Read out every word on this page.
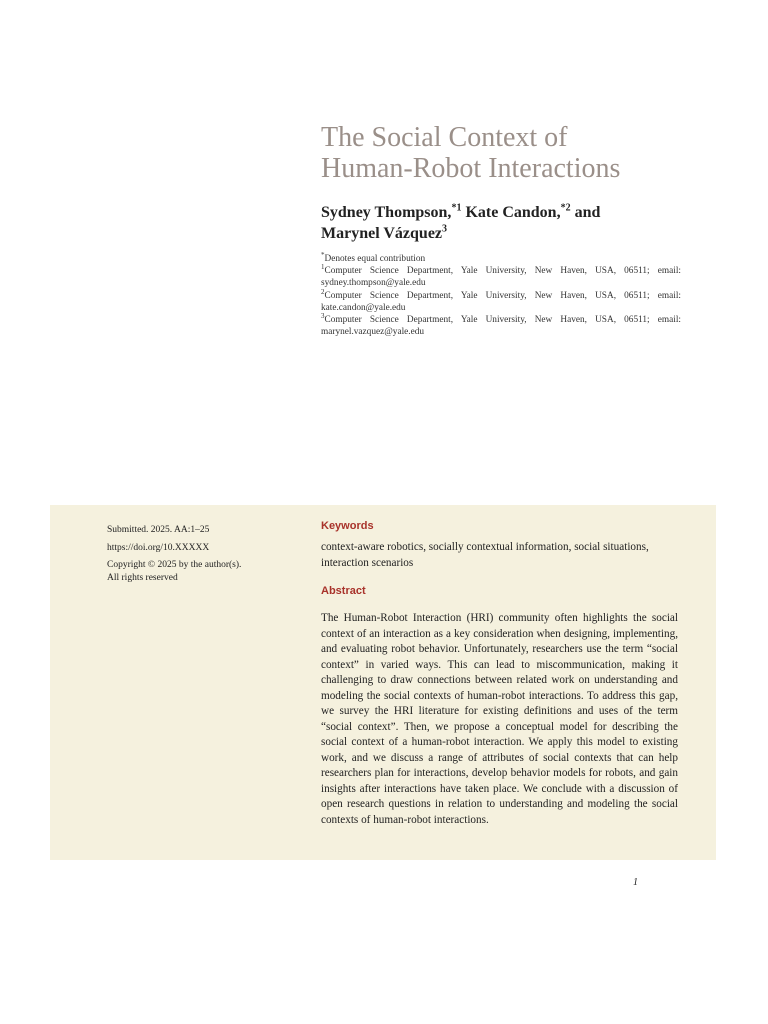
The Social Context of
Human-Robot Interactions
Sydney Thompson,$^{*1}$ Kate Candon,$^{*2}$ and
Marynel Vázquez$^3$
*Denotes equal contribution
$^1$Computer Science Department, Yale University, New Haven, USA, 06511; email: sydney.thompson@yale.edu
$^2$Computer Science Department, Yale University, New Haven, USA, 06511; email: kate.candon@yale.edu
$^3$Computer Science Department, Yale University, New Haven, USA, 06511; email: marynel.vazquez@yale.edu
Submitted. 2025. AA:1–25
https://doi.org/10.XXXXX
Copyright © 2025 by the author(s).
All rights reserved
Keywords

context-aware robotics, socially contextual information, social situations, interaction scenarios

Abstract

The Human-Robot Interaction (HRI) community often highlights the social context of an interaction as a key consideration when designing, implementing, and evaluating robot behavior. Unfortunately, researchers use the term “social context” in varied ways. This can lead to miscommunication, making it challenging to draw connections between related work on understanding and modeling the social contexts of human-robot interactions. To address this gap, we survey the HRI literature for existing definitions and uses of the term “social context”. Then, we propose a conceptual model for describing the social context of a human-robot interaction. We apply this model to existing work, and we discuss a range of attributes of social contexts that can help researchers plan for interactions, develop behavior models for robots, and gain insights after interactions have taken place. We conclude with a discussion of open research questions in relation to understanding and modeling the social contexts of human-robot interactions.

1
